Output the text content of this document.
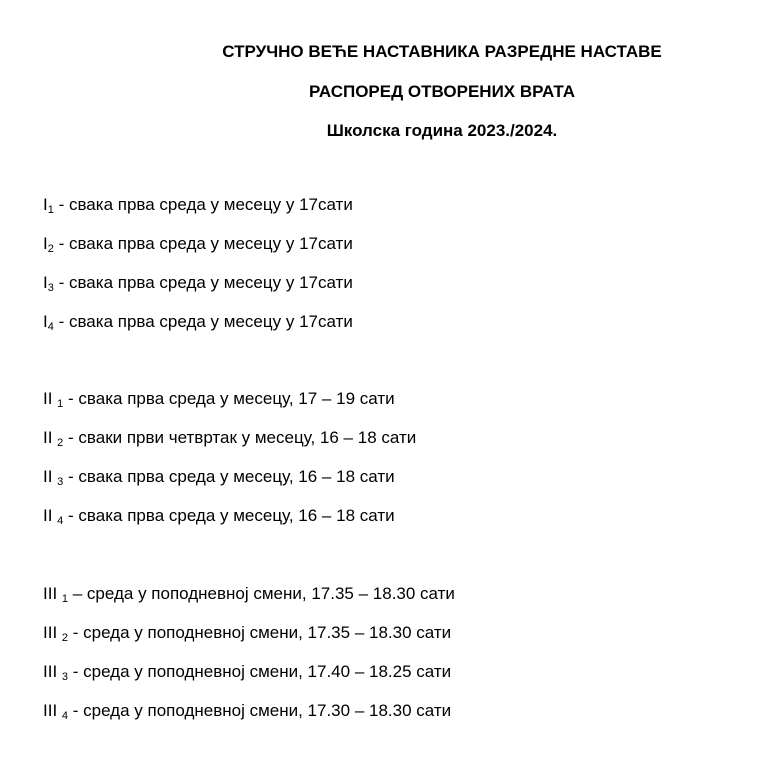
СТРУЧНО ВЕЋЕ НАСТАВНИКА РАЗРЕДНЕ НАСТАВЕ
РАСПОРЕД ОТВОРЕНИХ ВРАТА
Школска година 2023./2024.
$I_1$ - свака прва среда у месецу у 17сати
$I_2$ - свака прва среда у месецу у 17сати
$I_3$ - свака прва среда у месецу у 17сати
$I_4$ - свака прва среда у месецу у 17сати
II $_1$ - свака прва среда у месецу, 17 – 19 сати
II $_2$ - сваки први четвртак у месецу, 16 – 18 сати
II $_3$ - свака прва среда у месецу, 16 – 18 сати
II $_4$ - свака прва среда у месецу, 16 – 18 сати
III $_1$ – среда у поподневној смени, 17.35 – 18.30 сати
III $_2$ - среда у поподневној смени, 17.35 – 18.30 сати
III $_3$ - среда у поподневној смени, 17.40 – 18.25 сати
III $_4$ - среда у поподневној смени, 17.30 – 18.30 сати
